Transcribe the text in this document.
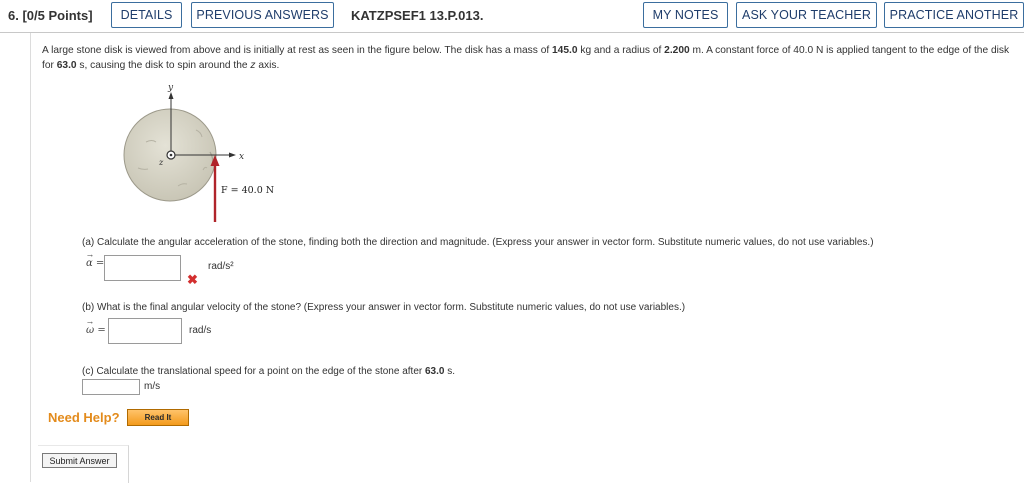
6. [0/5 Points]	DETAILS	PREVIOUS ANSWERS	KATZPSEF1 13.P.013.	MY NOTES	ASK YOUR TEACHER	PRACTICE ANOTHER
A large stone disk is viewed from above and is initially at rest as seen in the figure below. The disk has a mass of 145.0 kg and a radius of 2.200 m. A constant force of 40.0 N is applied tangent to the edge of the disk for 63.0 s, causing the disk to spin around the z axis.
y
x
z
F = 40.0 N
(a) Calculate the angular acceleration of the stone, finding both the direction and magnitude. (Express your answer in vector form. Substitute numeric values, do not use variables.)
→
α =	rad/s²
✖
(b) What is the final angular velocity of the stone? (Express your answer in vector form. Substitute numeric values, do not use variables.)
→
ω =	rad/s
(c) Calculate the translational speed for a point on the edge of the stone after 63.0 s.
m/s
Need Help?	Read It
Submit Answer
